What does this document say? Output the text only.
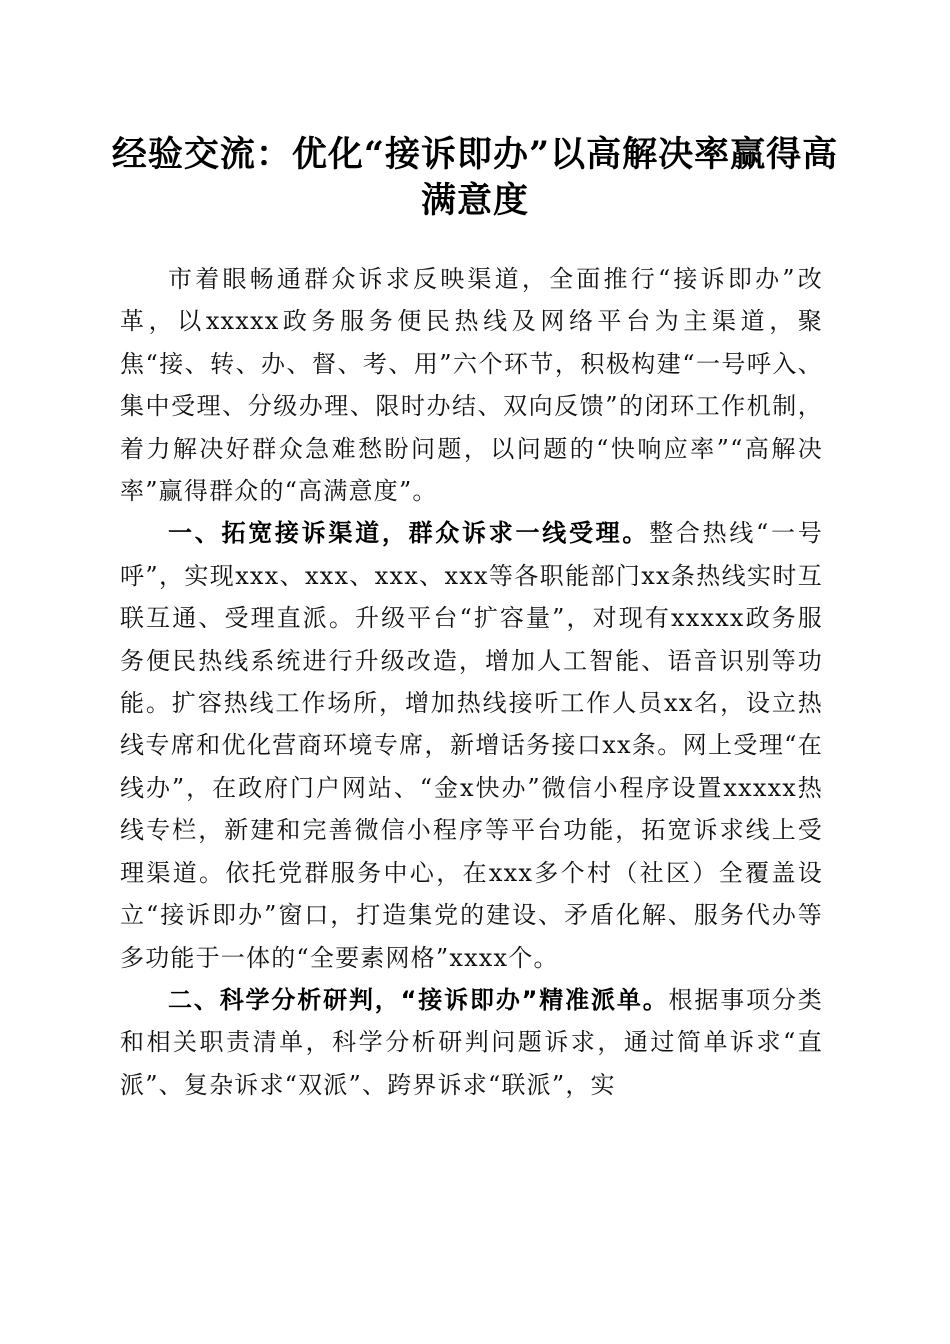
经验交流：优化“接诉即办”以高解决率赢得高满意度

市着眼畅通群众诉求反映渠道，全面推行“接诉即办”改革，以xxxxx政务服务便民热线及网络平台为主渠道，聚焦“接、转、办、督、考、用”六个环节，积极构建“一号呼入、集中受理、分级办理、限时办结、双向反馈”的闭环工作机制，着力解决好群众急难愁盼问题，以问题的“快响应率”“高解决率”赢得群众的“高满意度”。

一、拓宽接诉渠道，群众诉求一线受理。整合热线“一号呼”，实现xxx、xxx、xxx、xxx等各职能部门xx条热线实时互联互通、受理直派。升级平台“扩容量”，对现有xxxxx政务服务便民热线系统进行升级改造，增加人工智能、语音识别等功能。扩容热线工作场所，增加热线接听工作人员xx名，设立热线专席和优化营商环境专席，新增话务接口xx条。网上受理“在线办”，在政府门户网站、“金x快办”微信小程序设置xxxxx热线专栏，新建和完善微信小程序等平台功能，拓宽诉求线上受理渠道。依托党群服务中心，在xxx多个村（社区）全覆盖设立“接诉即办”窗口，打造集党的建设、矛盾化解、服务代办等多功能于一体的“全要素网格”xxxx个。

二、科学分析研判，“接诉即办”精准派单。根据事项分类和相关职责清单，科学分析研判问题诉求，通过简单诉求“直派”、复杂诉求“双派”、跨界诉求“联派”，实
